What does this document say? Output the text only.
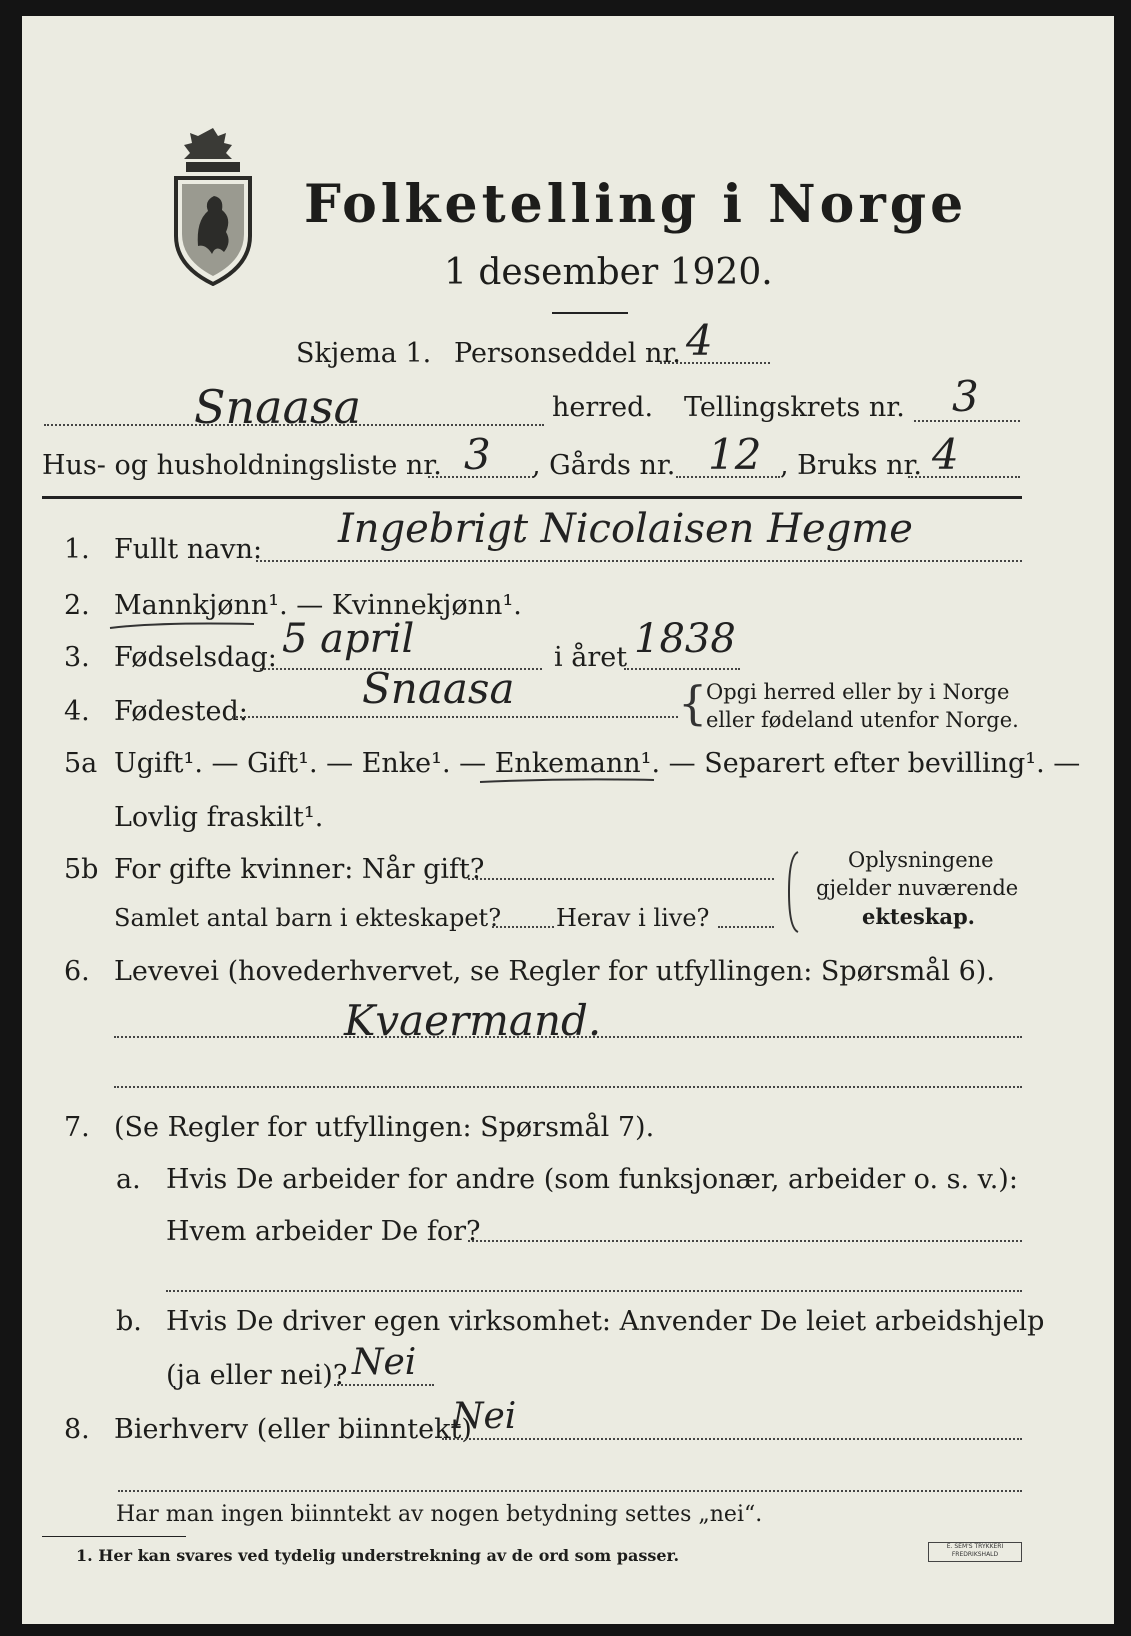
Folketelling i Norge
1 desember 1920.
Skjema 1. Personseddel nr. 4
Snaasa	herred. Tellingskrets nr. 3
Hus- og husholdningsliste nr. 3 , Gårds nr. 12 , Bruks nr. 4
1. Fullt navn: Ingebrigt Nicolaisen Hegme
2. Mannkjønn¹. — Kvinnekjønn¹.
3. Fødselsdag: 5 april	i året 1838
4. Fødested:	Snaasa	{
Opgi herred eller by i Norge
eller fødeland utenfor Norge.
5a Ugift¹. — Gift¹. — Enke¹. — Enkemann¹. — Separert efter bevilling¹. —
Lovlig fraskilt¹.
5b For gifte kvinner: Når gift?
Samlet antal barn i ekteskapet? Herav i live?
Oplysningene
gjelder nuværende
ekteskap.
6. Levevei (hovederhvervet, se Regler for utfyllingen: Spørsmål 6).
Kvaermand.
7. (Se Regler for utfyllingen: Spørsmål 7).
a. Hvis De arbeider for andre (som funksjonær, arbeider o. s. v.):
Hvem arbeider De for?
b. Hvis De driver egen virksomhet: Anvender De leiet arbeidshjelp
(ja eller nei)? Nei
8. Bierhverv (eller biinntekt)
Nei
Har man ingen biinntekt av nogen betydning settes „nei“.
1. Her kan svares ved tydelig understrekning av de ord som passer.	E. SEM'S TRYKKERI FREDRIKSHALD
